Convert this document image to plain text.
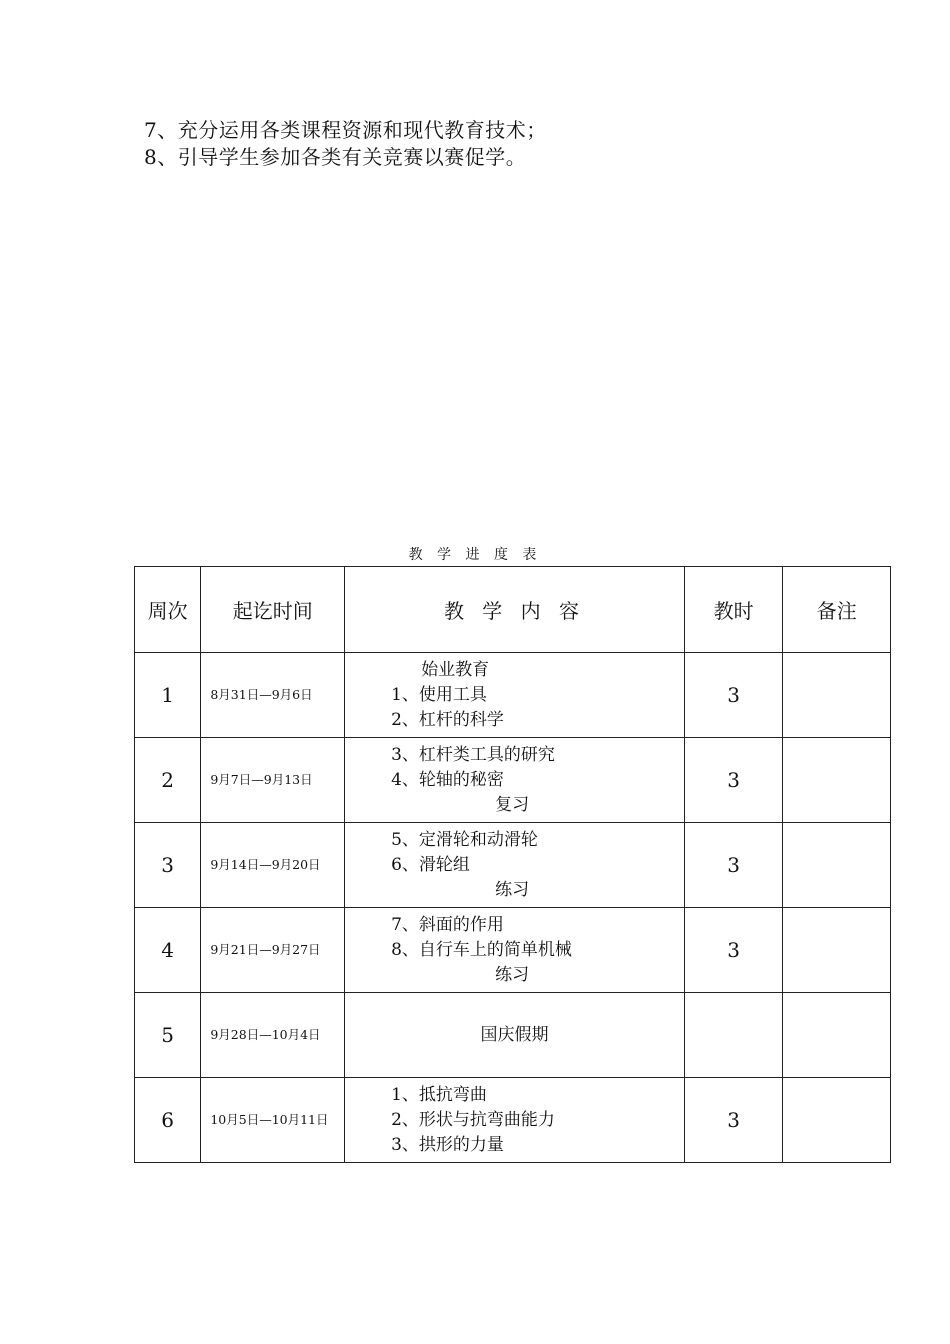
7、充分运用各类课程资源和现代教育技术；
8、引导学生参加各类有关竞赛以赛促学。
教 学 进 度 表
周次	起讫时间	教 学 内 容	教时	备注
1	8月31日—9月6日	始业教育
1、使用工具
2、杠杆的科学	3	
2	9月7日—9月13日	3、杠杆类工具的研究
4、轮轴的秘密
复习	3	
3	9月14日—9月20日	5、定滑轮和动滑轮
6、滑轮组
练习	3	
4	9月21日—9月27日	7、斜面的作用
8、自行车上的简单机械
练习	3	
5	9月28日—10月4日	国庆假期		

6	10月5日—10月11日	1、抵抗弯曲
2、形状与抗弯曲能力
3、拱形的力量	3	
